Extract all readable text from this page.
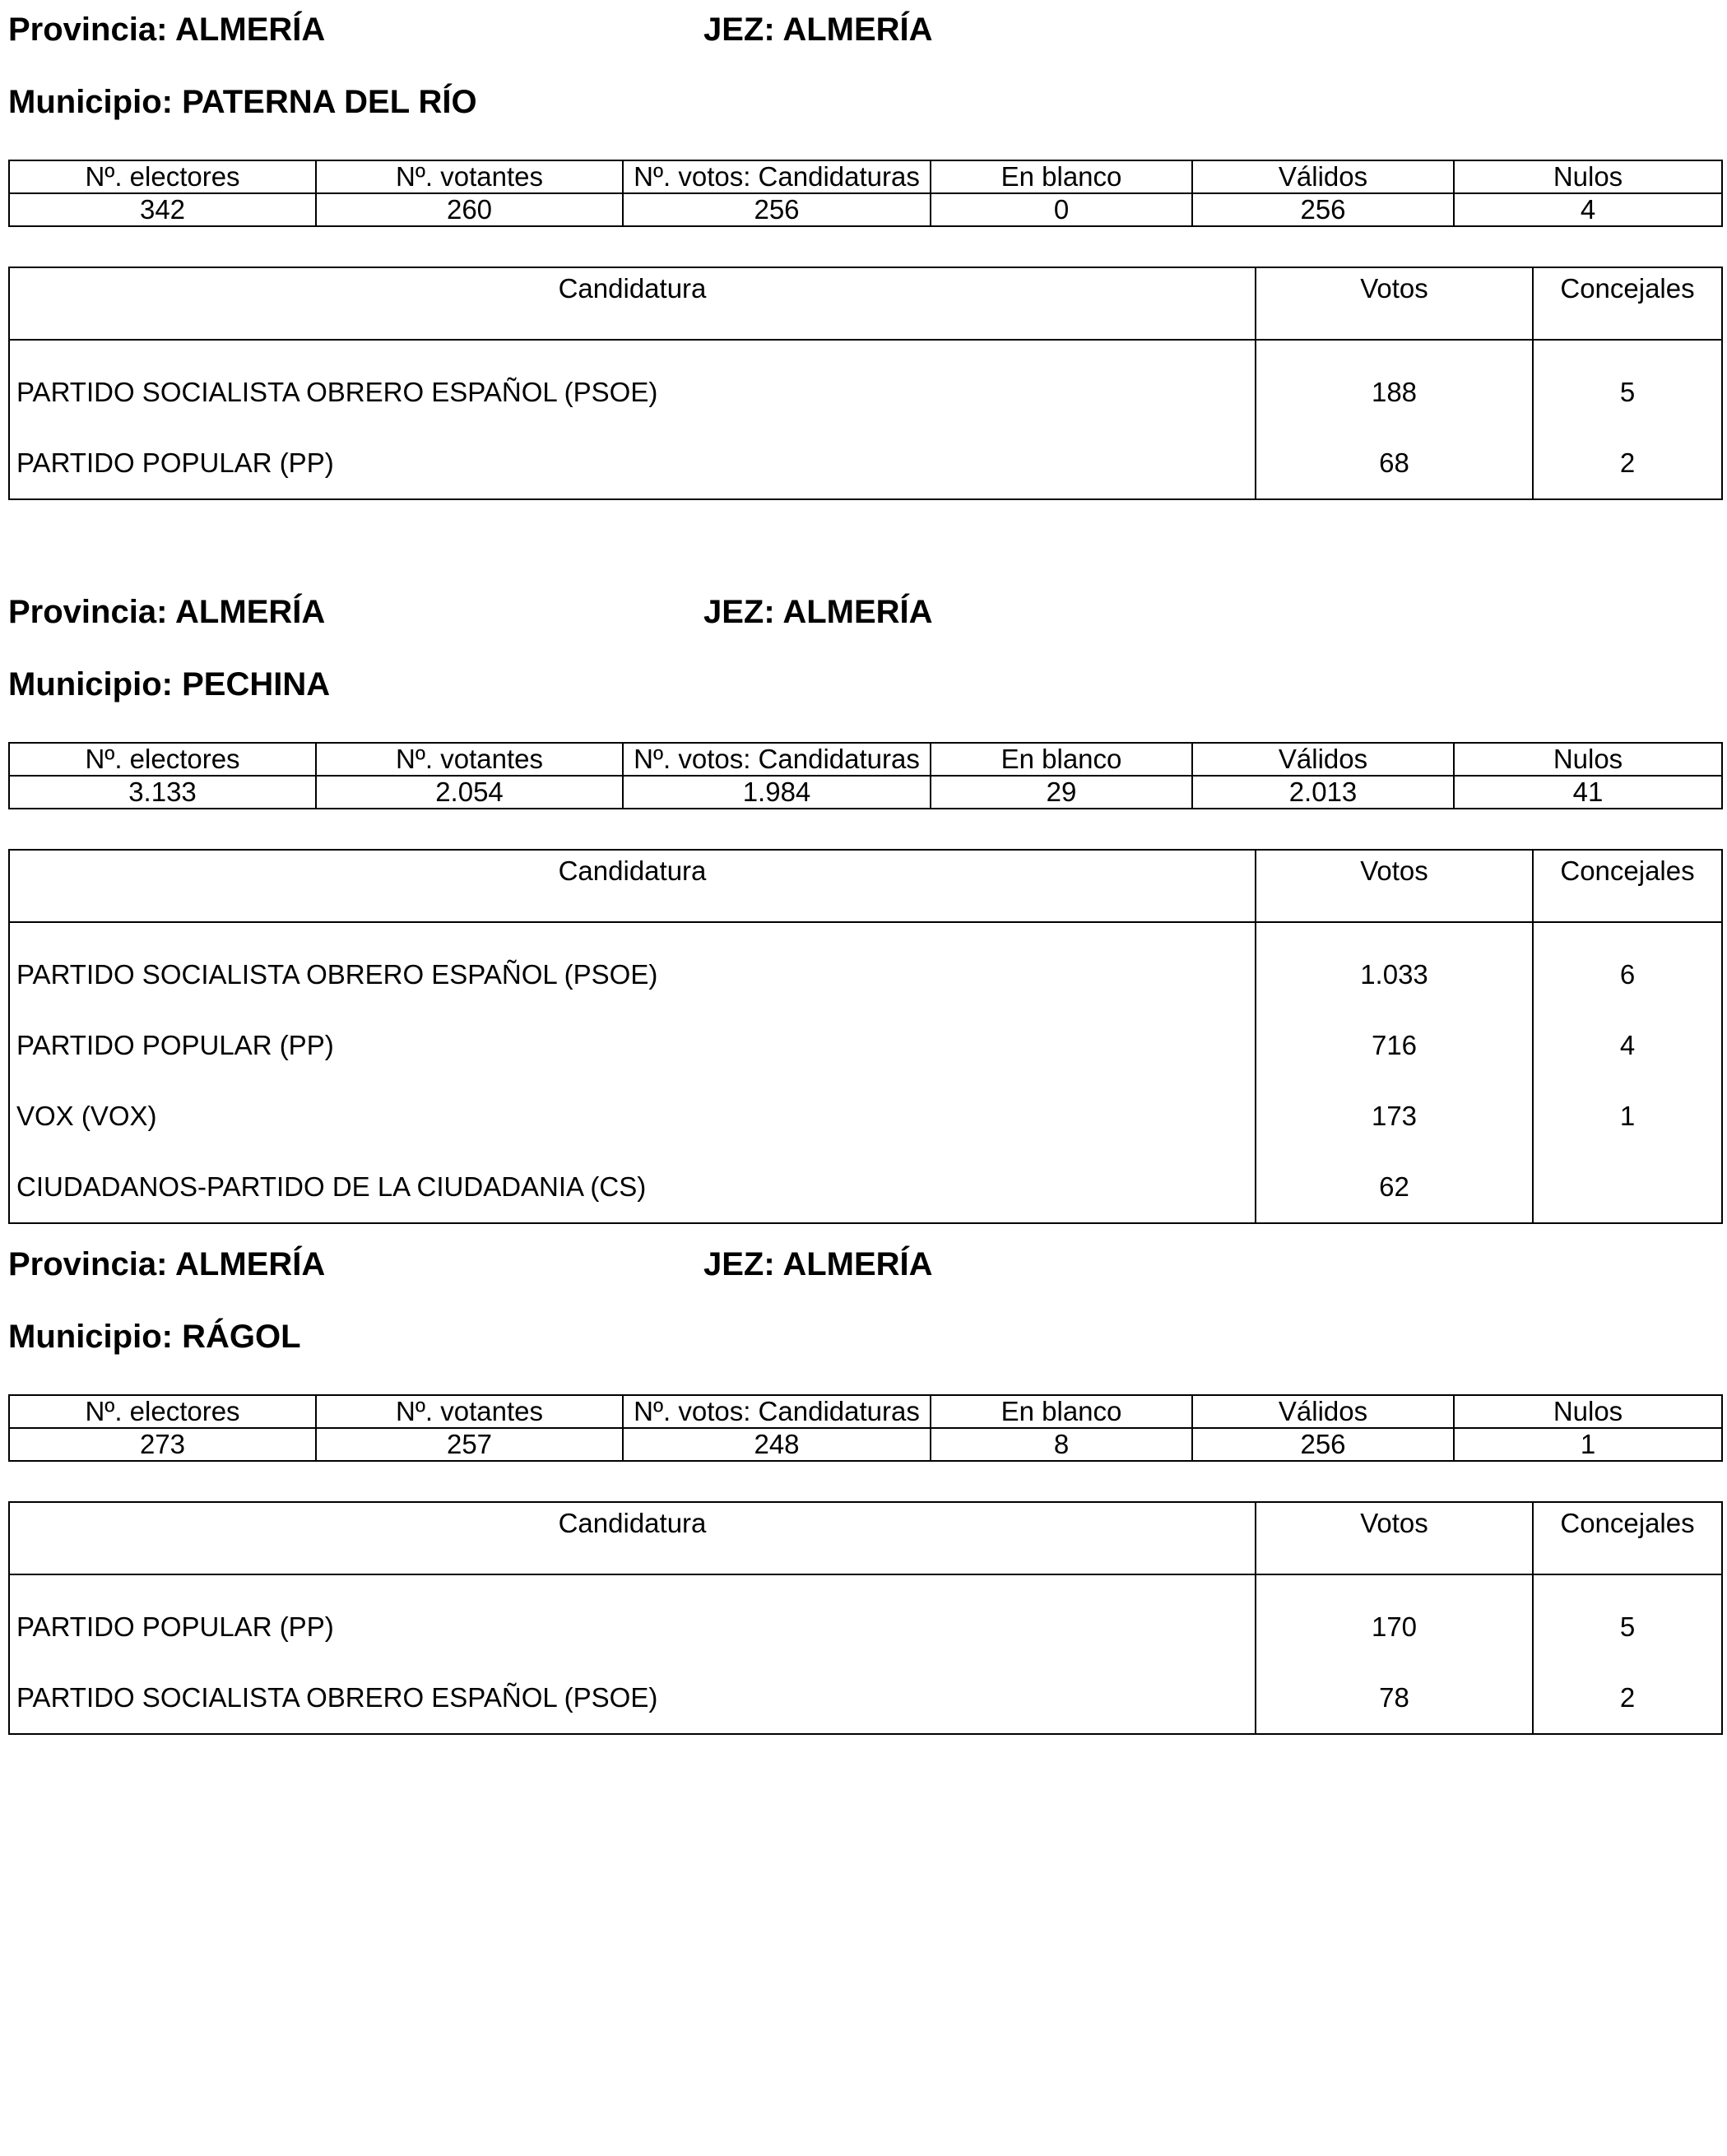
Provincia: ALMERÍA	JEZ: ALMERÍA
Municipio: PATERNA DEL RÍO
Nº. electores	Nº. votantes	Nº. votos: Candidaturas	En blanco	Válidos	Nulos
342	260	256	0	256	4
Candidatura	Votos	Concejales
PARTIDO SOCIALISTA OBRERO ESPAÑOL (PSOE)	188	5
PARTIDO POPULAR (PP)	68	2
Provincia: ALMERÍA	JEZ: ALMERÍA
Municipio: PECHINA
Nº. electores	Nº. votantes	Nº. votos: Candidaturas	En blanco	Válidos	Nulos
3.133	2.054	1.984	29	2.013	41
Candidatura	Votos	Concejales
PARTIDO SOCIALISTA OBRERO ESPAÑOL (PSOE)	1.033	6
PARTIDO POPULAR (PP)	716	4
VOX (VOX)	173	1
CIUDADANOS-PARTIDO DE LA CIUDADANIA (CS)	62	
Provincia: ALMERÍA	JEZ: ALMERÍA
Municipio: RÁGOL
Nº. electores	Nº. votantes	Nº. votos: Candidaturas	En blanco	Válidos	Nulos
273	257	248	8	256	1
Candidatura	Votos	Concejales
PARTIDO POPULAR (PP)	170	5
PARTIDO SOCIALISTA OBRERO ESPAÑOL (PSOE)	78	2
